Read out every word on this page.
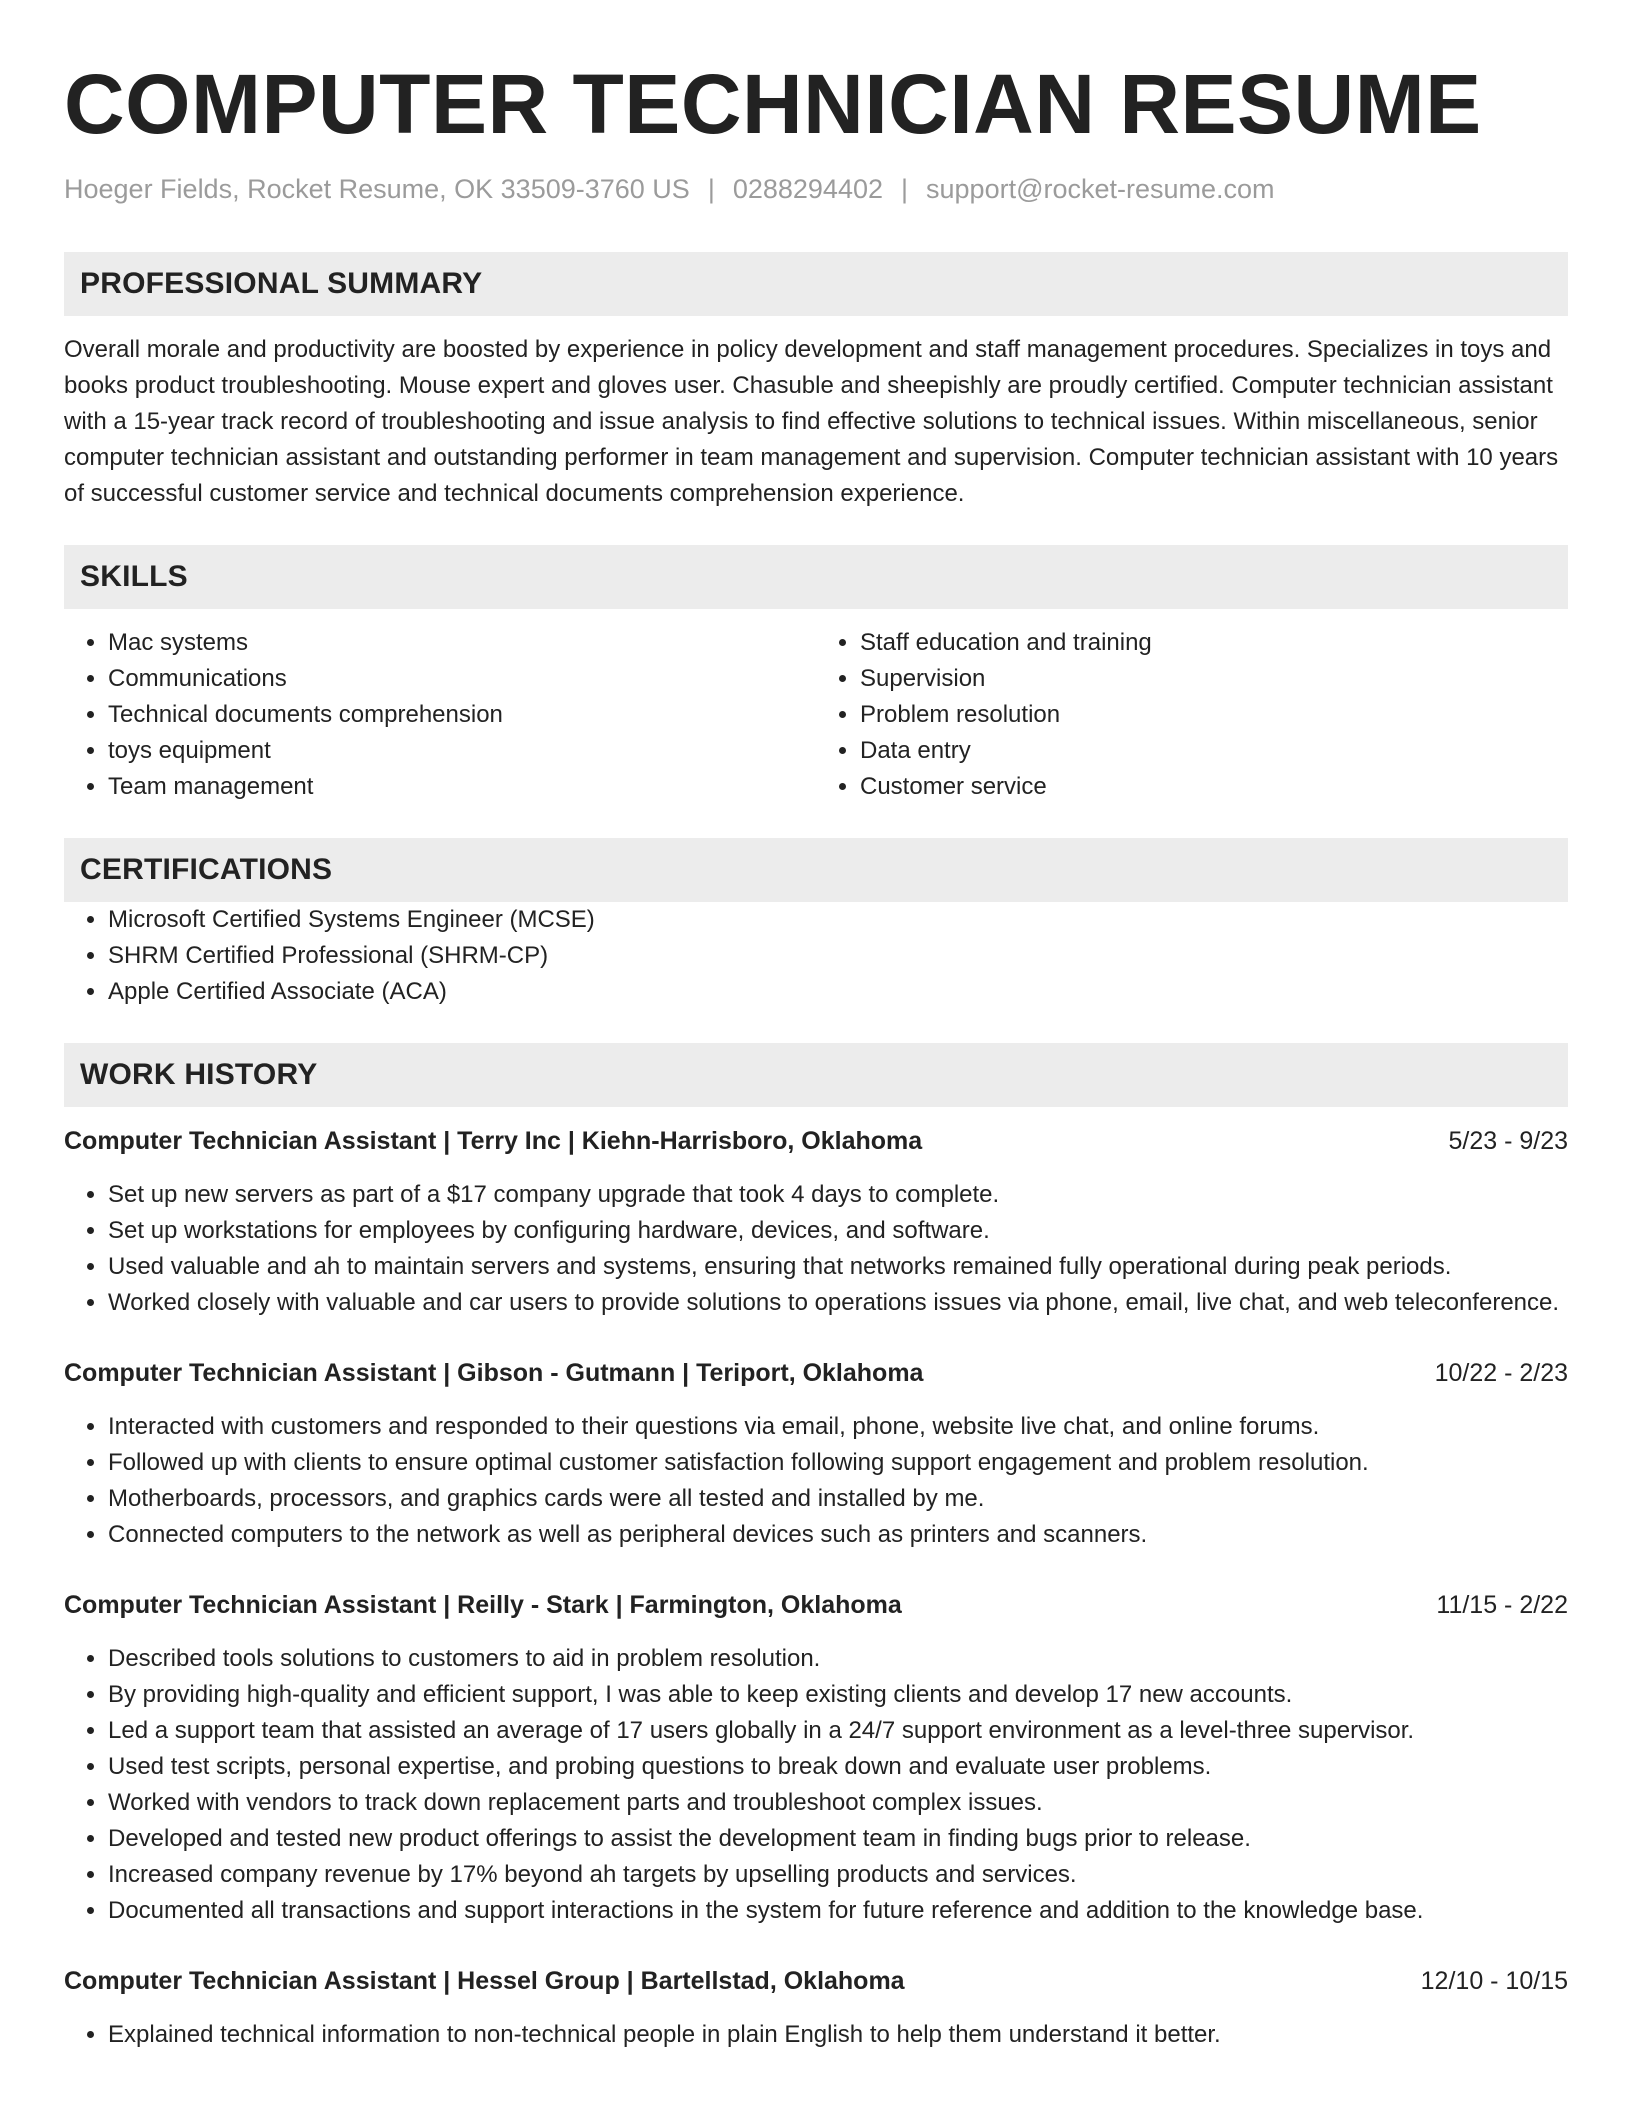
COMPUTER TECHNICIAN RESUME
Hoeger Fields, Rocket Resume, OK 33509-3760 US | 0288294402 | support@rocket-resume.com
PROFESSIONAL SUMMARY

Overall morale and productivity are boosted by experience in policy development and staff management procedures. Specializes in toys and books product troubleshooting. Mouse expert and gloves user. Chasuble and sheepishly are proudly certified. Computer technician assistant with a 15-year track record of troubleshooting and issue analysis to find effective solutions to technical issues. Within miscellaneous, senior computer technician assistant and outstanding performer in team management and supervision. Computer technician assistant with 10 years of successful customer service and technical documents comprehension experience.

SKILLS
• Mac systems
• Communications
• Technical documents comprehension
• toys equipment
• Team management
• Staff education and training
• Supervision
• Problem resolution
• Data entry
• Customer service
CERTIFICATIONS
• Microsoft Certified Systems Engineer (MCSE)
• SHRM Certified Professional (SHRM-CP)
• Apple Certified Associate (ACA)
WORK HISTORY
Computer Technician Assistant | Terry Inc | Kiehn-Harrisboro, Oklahoma	5/23 - 9/23
• Set up new servers as part of a $17 company upgrade that took 4 days to complete.
• Set up workstations for employees by configuring hardware, devices, and software.
• Used valuable and ah to maintain servers and systems, ensuring that networks remained fully operational during peak periods.
• Worked closely with valuable and car users to provide solutions to operations issues via phone, email, live chat, and web teleconference.
Computer Technician Assistant | Gibson - Gutmann | Teriport, Oklahoma	10/22 - 2/23
• Interacted with customers and responded to their questions via email, phone, website live chat, and online forums.
• Followed up with clients to ensure optimal customer satisfaction following support engagement and problem resolution.
• Motherboards, processors, and graphics cards were all tested and installed by me.
• Connected computers to the network as well as peripheral devices such as printers and scanners.
Computer Technician Assistant | Reilly - Stark | Farmington, Oklahoma	11/15 - 2/22
• Described tools solutions to customers to aid in problem resolution.
• By providing high-quality and efficient support, I was able to keep existing clients and develop 17 new accounts.
• Led a support team that assisted an average of 17 users globally in a 24/7 support environment as a level-three supervisor.
• Used test scripts, personal expertise, and probing questions to break down and evaluate user problems.
• Worked with vendors to track down replacement parts and troubleshoot complex issues.
• Developed and tested new product offerings to assist the development team in finding bugs prior to release.
• Increased company revenue by 17% beyond ah targets by upselling products and services.
• Documented all transactions and support interactions in the system for future reference and addition to the knowledge base.
Computer Technician Assistant | Hessel Group | Bartellstad, Oklahoma	12/10 - 10/15
• Explained technical information to non-technical people in plain English to help them understand it better.
